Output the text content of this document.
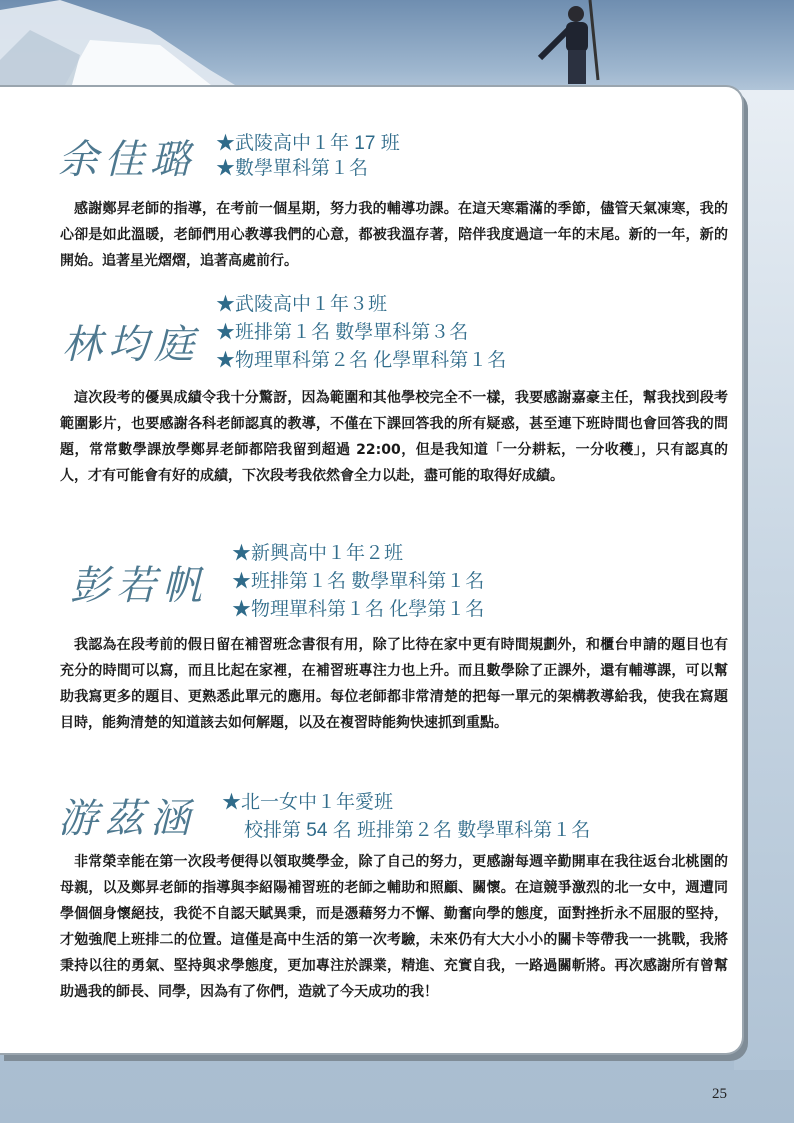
余佳璐 ★武陵高中１年 17 班
★數學單科第１名

感謝鄭昇老師的指導，在考前一個星期，努力我的輔導功課。在這天寒霜滿的季節，儘管天氣凍寒，我的心卻是如此溫暖，老師們用心教導我們的心意，都被我溫存著，陪伴我度過這一年的末尾。新的一年，新的開始。追著星光熠熠，追著高處前行。

林均庭
★武陵高中１年３班
★班排第１名 數學單科第３名
★物理單科第２名 化學單科第１名

這次段考的優異成績令我十分驚訝，因為範圍和其他學校完全不一樣，我要感謝嘉豪主任，幫我找到段考範圍影片，也要感謝各科老師認真的教導，不僅在下課回答我的所有疑惑，甚至連下班時間也會回答我的問題，常常數學課放學鄭昇老師都陪我留到超過 22:00，但是我知道「一分耕耘，一分收穫」，只有認真的人，才有可能會有好的成績，下次段考我依然會全力以赴，盡可能的取得好成績。

彭若帆
★新興高中１年２班
★班排第１名 數學單科第１名
★物理單科第１名 化學第１名

我認為在段考前的假日留在補習班念書很有用，除了比待在家中更有時間規劃外，和櫃台申請的題目也有充分的時間可以寫，而且比起在家裡，在補習班專注力也上升。而且數學除了正課外，還有輔導課，可以幫助我寫更多的題目、更熟悉此單元的應用。每位老師都非常清楚的把每一單元的架構教導給我，使我在寫題目時，能夠清楚的知道該去如何解題，以及在複習時能夠快速抓到重點。

游茲涵 ★北一女中１年愛班
校排第 54 名 班排第２名 數學單科第１名

非常榮幸能在第一次段考便得以領取獎學金，除了自己的努力，更感謝每週辛勤開車在我往返台北桃園的母親，以及鄭昇老師的指導與李紹陽補習班的老師之輔助和照顧、關懷。在這競爭激烈的北一女中，週遭同學個個身懷絕技，我從不自認天賦異秉，而是憑藉努力不懈、勤奮向學的態度，面對挫折永不屈服的堅持，才勉強爬上班排二的位置。這僅是高中生活的第一次考驗，未來仍有大大小小的關卡等帶我一一挑戰，我將秉持以往的勇氣、堅持與求學態度，更加專注於課業，精進、充實自我，一路過關斬將。再次感謝所有曾幫助過我的師長、同學，因為有了你們，造就了今天成功的我！

25
